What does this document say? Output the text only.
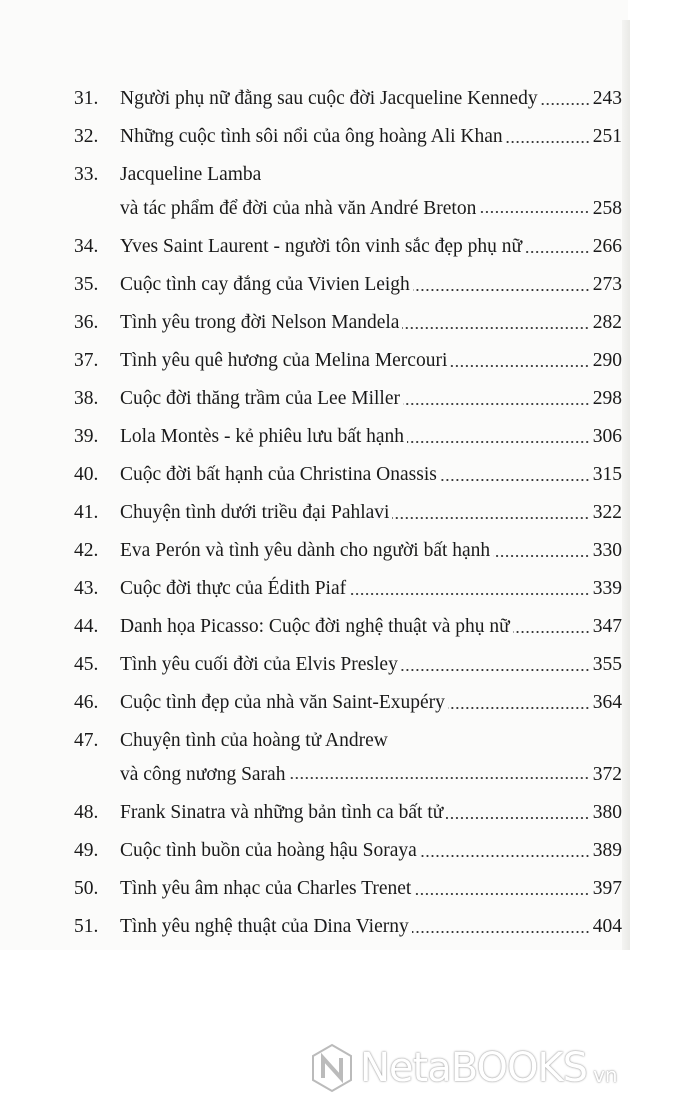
31.	Người phụ nữ đằng sau cuộc đời Jacqueline Kennedy	243
32.	Những cuộc tình sôi nổi của ông hoàng Ali Khan	251
33.	Jacqueline Lamba
và tác phẩm để đời của nhà văn André Breton	258
34.	Yves Saint Laurent - người tôn vinh sắc đẹp phụ nữ	266
35.	Cuộc tình cay đắng của Vivien Leigh	273
36.	Tình yêu trong đời Nelson Mandela	282
37.	Tình yêu quê hương của Melina Mercouri	290
38.	Cuộc đời thăng trầm của Lee Miller	298
39.	Lola Montès - kẻ phiêu lưu bất hạnh	306
40.	Cuộc đời bất hạnh của Christina Onassis	315
41.	Chuyện tình dưới triều đại Pahlavi	322
42.	Eva Perón và tình yêu dành cho người bất hạnh	330
43.	Cuộc đời thực của Édith Piaf	339
44.	Danh họa Picasso: Cuộc đời nghệ thuật và phụ nữ	347
45.	Tình yêu cuối đời của Elvis Presley	355
46.	Cuộc tình đẹp của nhà văn Saint-Exupéry	364
47.	Chuyện tình của hoàng tử Andrew
và công nương Sarah	372
48.	Frank Sinatra và những bản tình ca bất tử	380
49.	Cuộc tình buồn của hoàng hậu Soraya	389
50.	Tình yêu âm nhạc của Charles Trenet	397
51.	Tình yêu nghệ thuật của Dina Vierny	404
NetaBOOKS vn
